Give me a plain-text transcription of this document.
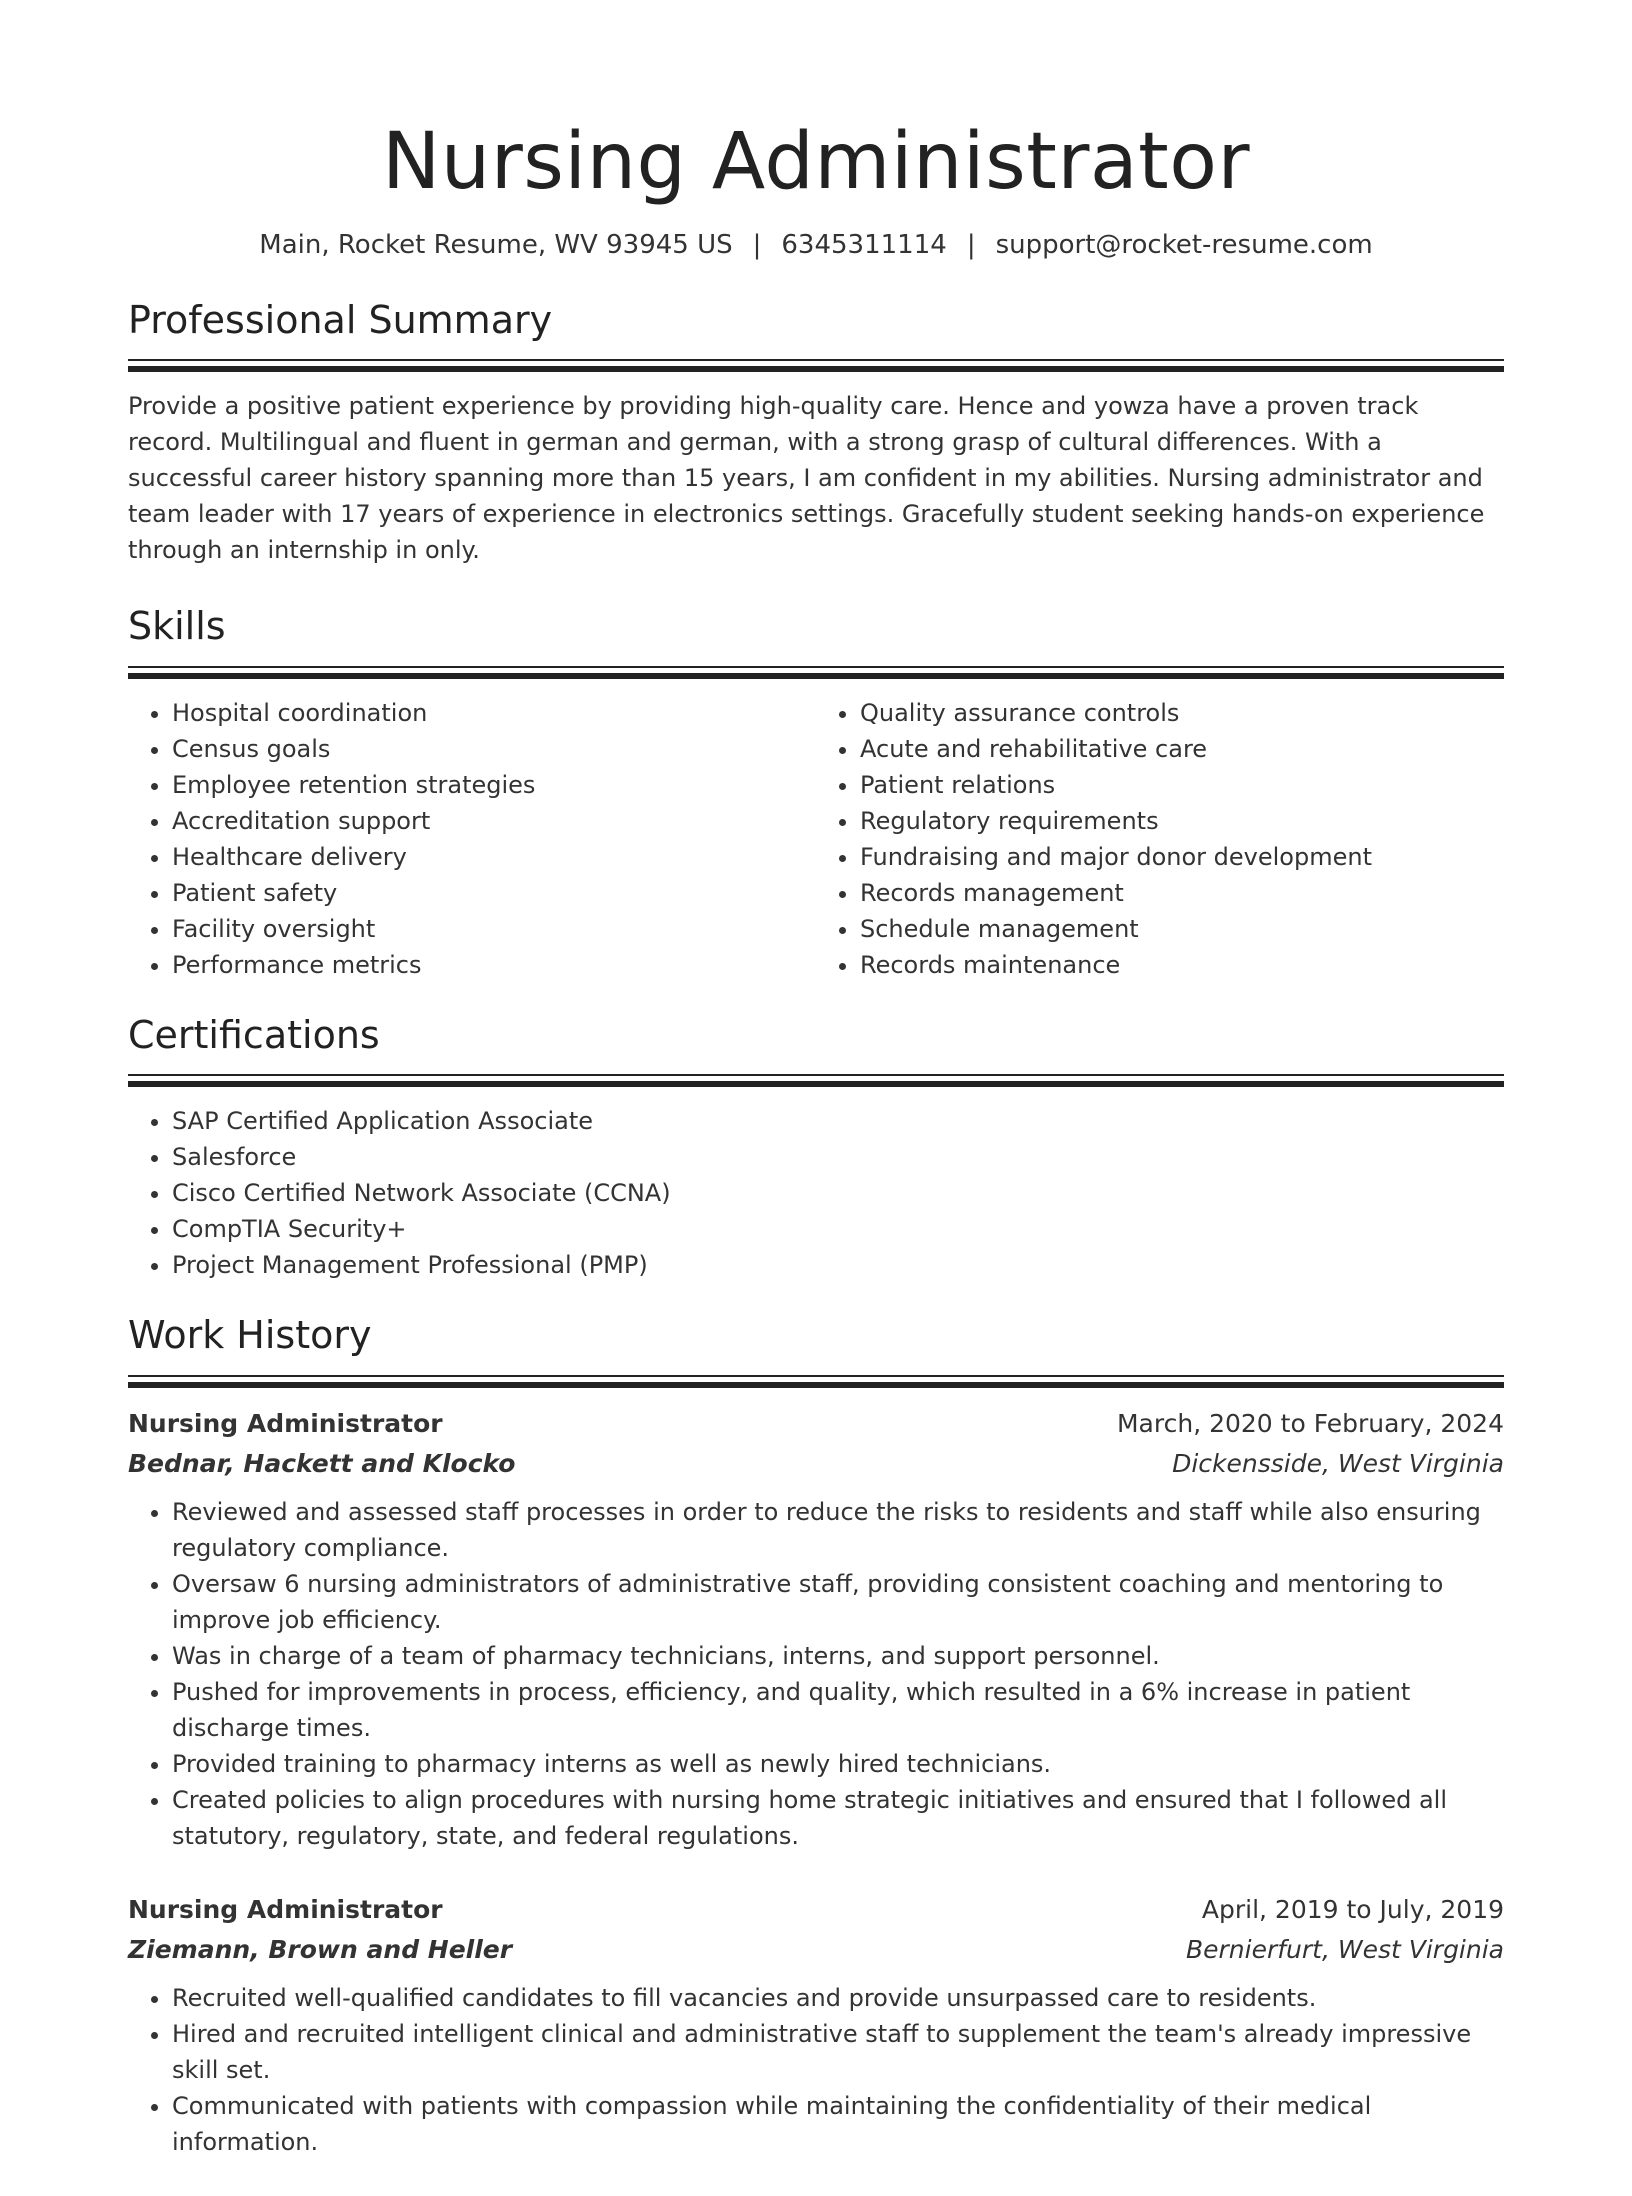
Nursing Administrator
Main, Rocket Resume, WV 93945 US | 6345311114 | support@rocket-resume.com
Professional Summary

Provide a positive patient experience by providing high-quality care. Hence and yowza have a proven track record. Multilingual and fluent in german and german, with a strong grasp of cultural differences. With a successful career history spanning more than 15 years, I am confident in my abilities. Nursing administrator and team leader with 17 years of experience in electronics settings. Gracefully student seeking hands-on experience through an internship in only.

Skills
• Hospital coordination
• Census goals
• Employee retention strategies
• Accreditation support
• Healthcare delivery
• Patient safety
• Facility oversight
• Performance metrics
• Quality assurance controls
• Acute and rehabilitative care
• Patient relations
• Regulatory requirements
• Fundraising and major donor development
• Records management
• Schedule management
• Records maintenance
Certifications
• SAP Certified Application Associate
• Salesforce
• Cisco Certified Network Associate (CCNA)
• CompTIA Security+
• Project Management Professional (PMP)
Work History
Nursing Administrator	March, 2020 to February, 2024
Bednar, Hackett and Klocko	Dickensside, West Virginia
• Reviewed and assessed staff processes in order to reduce the risks to residents and staff while also ensuring regulatory compliance.
• Oversaw 6 nursing administrators of administrative staff, providing consistent coaching and mentoring to improve job efficiency.
• Was in charge of a team of pharmacy technicians, interns, and support personnel.
• Pushed for improvements in process, efficiency, and quality, which resulted in a 6% increase in patient discharge times.
• Provided training to pharmacy interns as well as newly hired technicians.
• Created policies to align procedures with nursing home strategic initiatives and ensured that I followed all statutory, regulatory, state, and federal regulations.
Nursing Administrator	April, 2019 to July, 2019
Ziemann, Brown and Heller	Bernierfurt, West Virginia
• Recruited well-qualified candidates to fill vacancies and provide unsurpassed care to residents.
• Hired and recruited intelligent clinical and administrative staff to supplement the team's already impressive skill set.
• Communicated with patients with compassion while maintaining the confidentiality of their medical information.
